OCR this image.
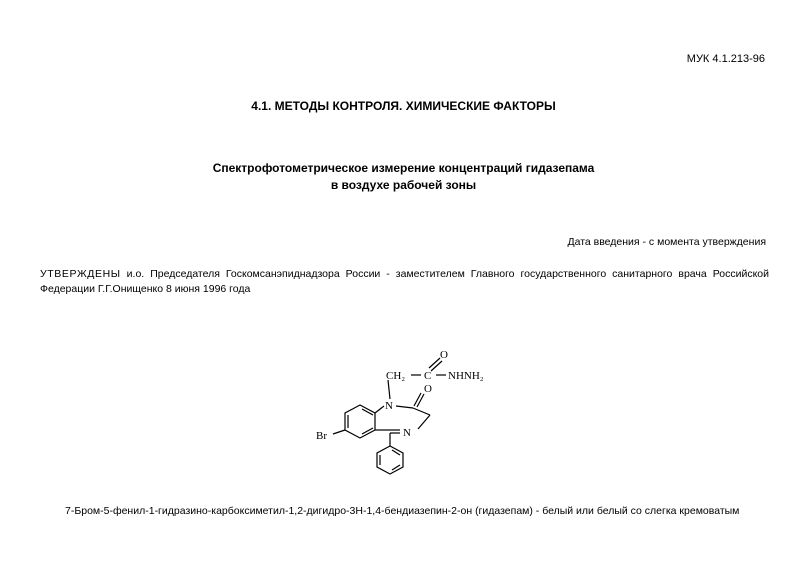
МУК 4.1.213-96
4.1. МЕТОДЫ КОНТРОЛЯ. ХИМИЧЕСКИЕ ФАКТОРЫ
Спектрофотометрическое измерение концентраций гидазепама
в воздухе рабочей зоны
Дата введения - с момента утверждения
УТВЕРЖДЕНЫ и.о. Председателя Госкомсанэпиднадзора России - заместителем Главного государственного санитарного врача Российской Федерации Г.Г.Онищенко 8 июня 1996 года
O
CH₂ C NHNH₂
N
O
N
Br
7-Бром-5-фенил-1-гидразино-карбоксиметил-1,2-дигидро-3Н-1,4-бендиазепин-2-он (гидазепам) - белый или белый со слегка кремоватым
